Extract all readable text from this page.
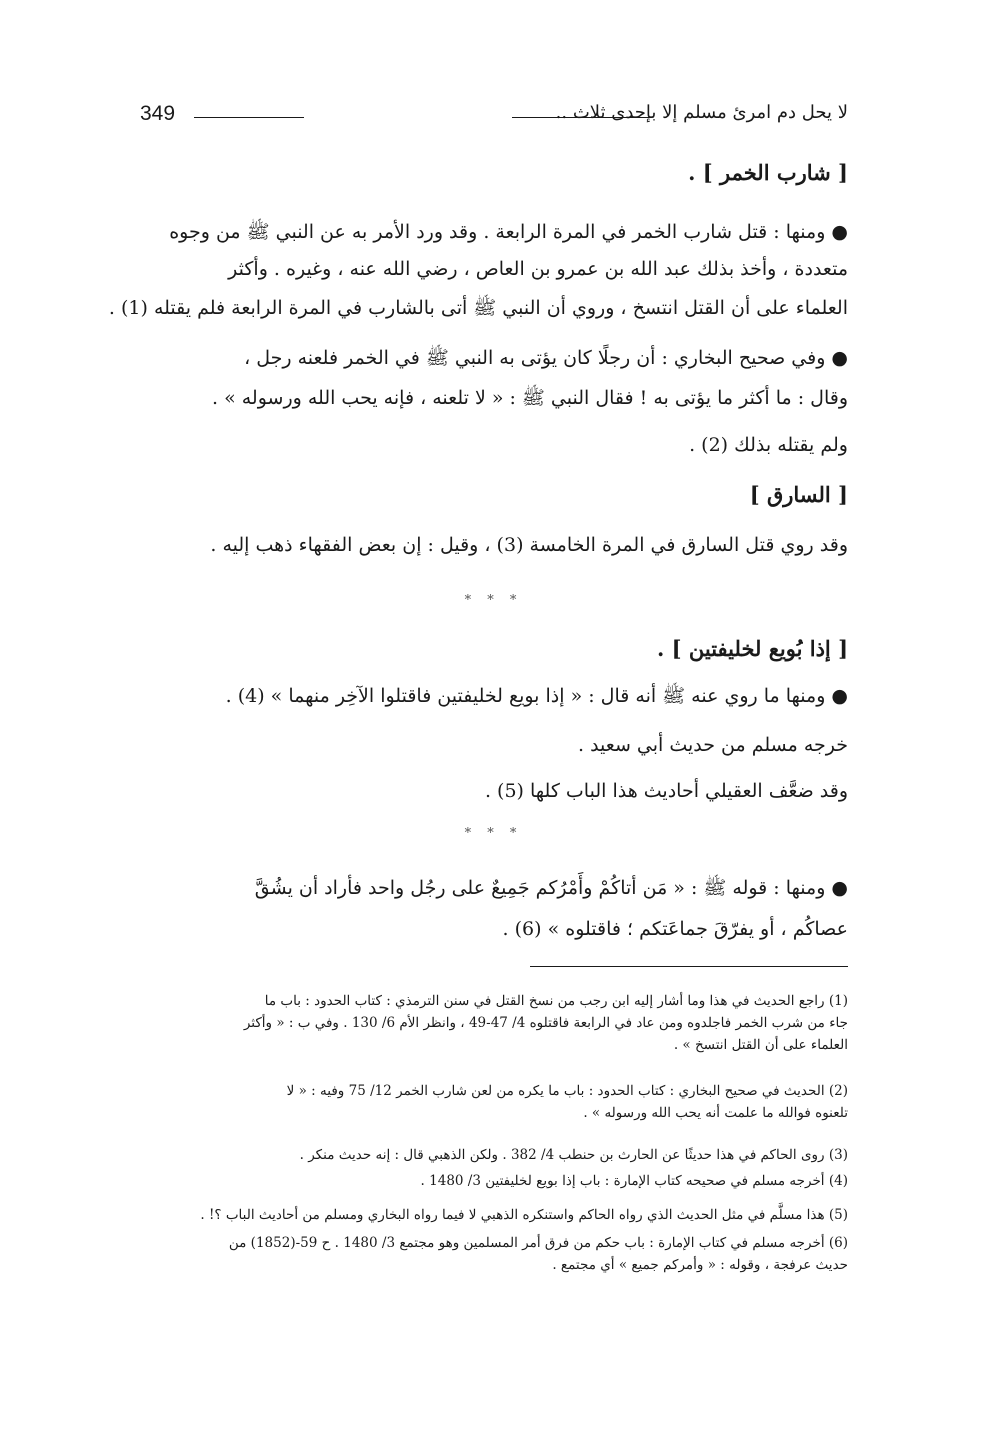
349	لا يحل دم امرئ مسلم إلا بإحدى ثلاث ..
[ شارب الخمر ] .
● ومنها : قتل شارب الخمر في المرة الرابعة . وقد ورد الأمر به عن النبي ﷺ من وجوه
متعددة ، وأخذ بذلك عبد الله بن عمرو بن العاص ، رضي الله عنه ، وغيره . وأكثر
العلماء على أن القتل انتسخ ، وروي أن النبي ﷺ أتى بالشارب في المرة الرابعة فلم يقتله (1) .
● وفي صحيح البخاري : أن رجلًا كان يؤتى به النبي ﷺ في الخمر فلعنه رجل ،
وقال : ما أكثر ما يؤتى به ! فقال النبي ﷺ : « لا تلعنه ، فإنه يحب الله ورسوله » .
ولم يقتله بذلك (2) .
[ السارق ]
وقد روي قتل السارق في المرة الخامسة (3) ، وقيل : إن بعض الفقهاء ذهب إليه .
* * *
[ إذا بُويع لخليفتين ] .
● ومنها ما روي عنه ﷺ أنه قال : « إذا بويع لخليفتين فاقتلوا الآخِر منهما » (4) .
خرجه مسلم من حديث أبي سعيد .
وقد ضعَّف العقيلي أحاديث هذا الباب كلها (5) .
* * *
● ومنها : قوله ﷺ : « مَن أتاكُمْ وأَمْرُكم جَمِيعٌ على رجُل واحد فأراد أن يشُقَّ
عصاكُم ، أو يفرّقَ جماعَتكم ؛ فاقتلوه » (6) .
(1) راجع الحديث في هذا وما أشار إليه ابن رجب من نسخ القتل في سنن الترمذي : كتاب الحدود : باب ما
جاء من شرب الخمر فاجلدوه ومن عاد في الرابعة فاقتلوه 4/ 47-49 ، وانظر الأم 6/ 130 . وفي ب : « وأكثر
العلماء على أن القتل انتسخ » .
(2) الحديث في صحيح البخاري : كتاب الحدود : باب ما يكره من لعن شارب الخمر 12/ 75 وفيه : « لا
تلعنوه فوالله ما علمت أنه يحب الله ورسوله » .
(3) روى الحاكم في هذا حديثًا عن الحارث بن حنطب 4/ 382 . ولكن الذهبي قال : إنه حديث منكر .
(4) أخرجه مسلم في صحيحه كتاب الإمارة : باب إذا بويع لخليفتين 3/ 1480 .
(5) هذا مسلَّم في مثل الحديث الذي رواه الحاكم واستنكره الذهبي لا فيما رواه البخاري ومسلم من أحاديث الباب ؟! .
(6) أخرجه مسلم في كتاب الإمارة : باب حكم من فرق أمر المسلمين وهو مجتمع 3/ 1480 . ح 59-(1852) من
حديث عرفجة ، وقوله : « وأمركم جميع » أي مجتمع .
